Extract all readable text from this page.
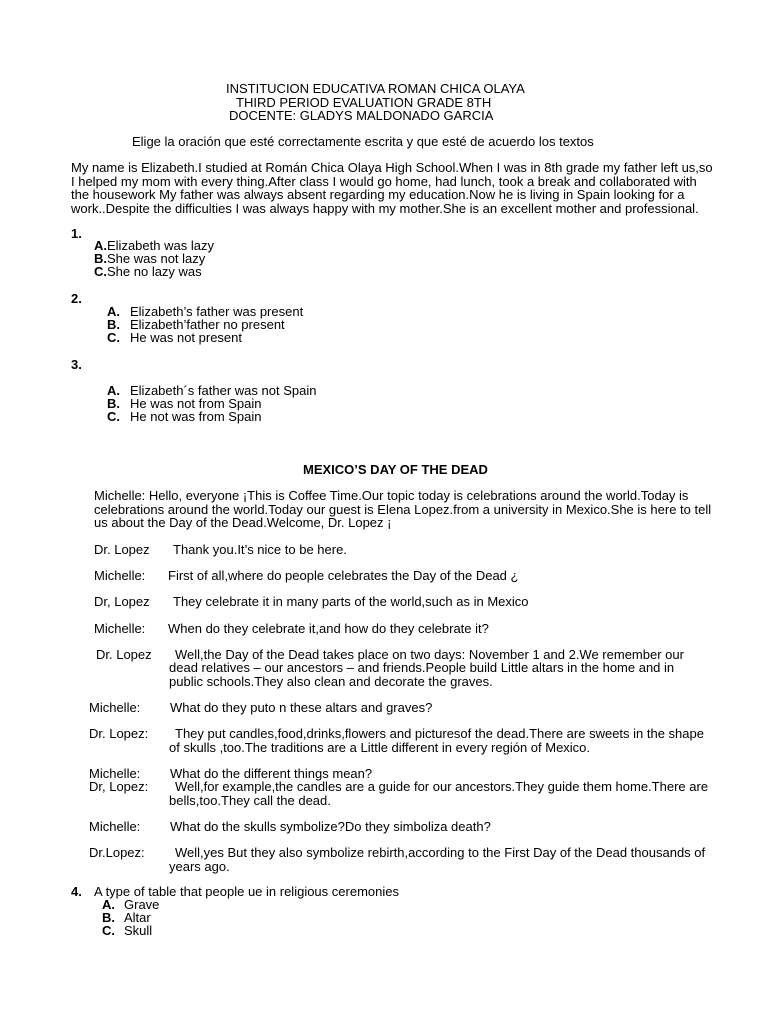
INSTITUCION EDUCATIVA ROMAN CHICA OLAYA
THIRD PERIOD EVALUATION GRADE 8TH
DOCENTE: GLADYS MALDONADO GARCIA
Elige la oración que esté correctamente escrita y que esté de acuerdo los textos
My name is Elizabeth.I studied at Román Chica Olaya High School.When I was in 8th grade my father left us,so
I helped my mom with every thing.After class I would go home, had lunch, took a break and collaborated with
the housework My father was always absent regarding my education.Now he is living in Spain looking for a
work..Despite the difficulties I was always happy with my mother.She is an excellent mother and professional.
1.
A.Elizabeth was lazy
B.She was not lazy
C.She no lazy was
2.
A. Elizabeth’s father was present
B. Elizabeth’father no present
C. He was not present
3.
A. Elizabeth´s father was not Spain
B. He was not from Spain
C. He not was from Spain
MEXICO’S DAY OF THE DEAD
Michelle: Hello, everyone ¡This is Coffee Time.Our topic today is celebrations around the world.Today is
celebrations around the world.Today our guest is Elena Lopez.from a university in Mexico.She is here to tell
us about the Day of the Dead.Welcome, Dr. Lopez ¡
Dr. Lopez Thank you.It’s nice to be here.
Michelle: First of all,where do people celebrates the Day of the Dead ¿
Dr, Lopez They celebrate it in many parts of the world,such as in Mexico
Michelle: When do they celebrate it,and how do they celebrate it?
Dr. Lopez Well,the Day of the Dead takes place on two days: November 1 and 2.We remember our
dead relatives – our ancestors – and friends.People build Little altars in the home and in
public schools.They also clean and decorate the graves.
Michelle: What do they puto n these altars and graves?
Dr. Lopez: They put candles,food,drinks,flowers and picturesof the dead.There are sweets in the shape
of skulls ,too.The traditions are a Little different in every región of Mexico.
Michelle: What do the different things mean?
Dr, Lopez: Well,for example,the candles are a guide for our ancestors.They guide them home.There are
bells,too.They call the dead.
Michelle: What do the skulls symbolize?Do they simboliza death?
Dr.Lopez: Well,yes But they also symbolize rebirth,according to the First Day of the Dead thousands of
years ago.
4. A type of table that people ue in religious ceremonies
A. Grave
B. Altar
C. Skull
